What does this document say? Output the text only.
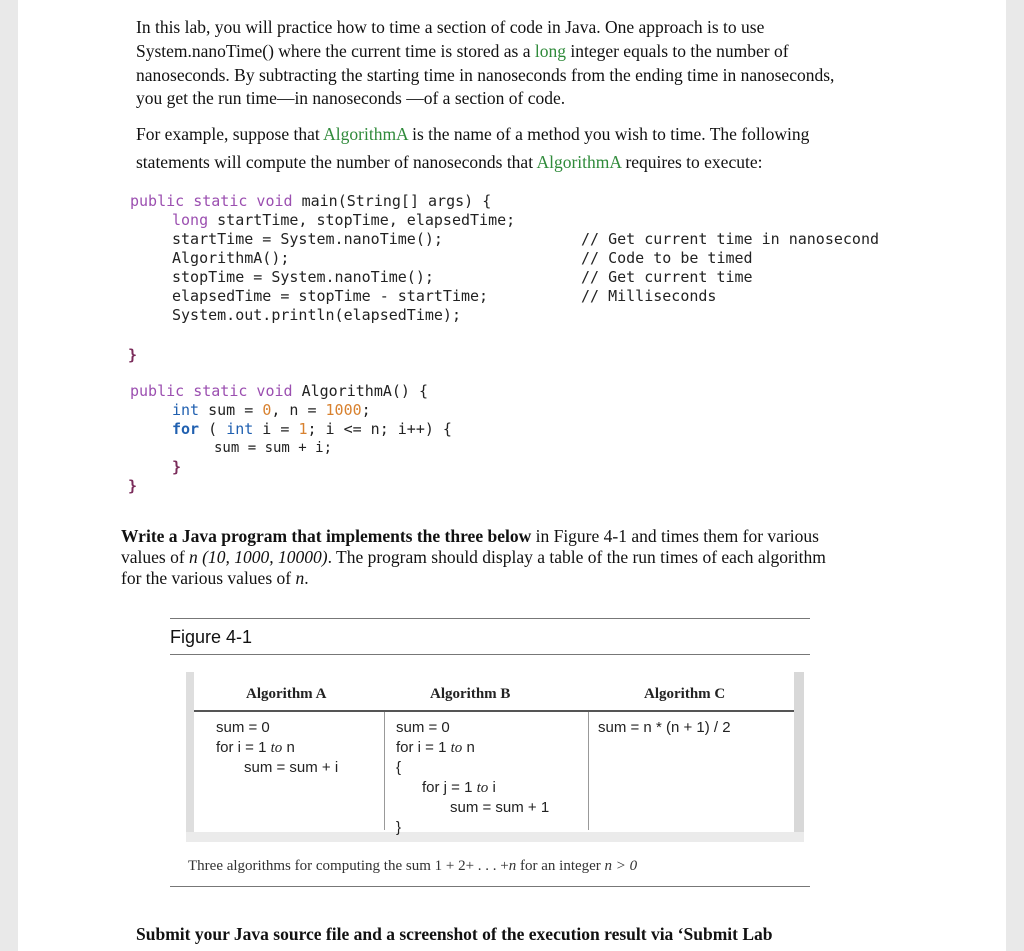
In this lab, you will practice how to time a section of code in Java. One approach is to use
System.nanoTime() where the current time is stored as a long integer equals to the number of
nanoseconds. By subtracting the starting time in nanoseconds from the ending time in nanoseconds,
you get the run time—in nanoseconds —of a section of code.
For example, suppose that AlgorithmA is the name of a method you wish to time. The following
statements will compute the number of nanoseconds that AlgorithmA requires to execute:
public static void main(String[] args) {
long startTime, stopTime, elapsedTime;
startTime = System.nanoTime();
AlgorithmA();
stopTime = System.nanoTime();
elapsedTime = stopTime - startTime;
System.out.println(elapsedTime);
// Get current time in nanosecond
// Code to be timed
// Get current time
// Milliseconds
}
public static void AlgorithmA() {
int sum = 0, n = 1000;
for ( int i = 1; i <= n; i++) {
sum = sum + i;
}
}
Write a Java program that implements the three below in Figure 4-1 and times them for various
values of n (10, 1000, 10000). The program should display a table of the run times of each algorithm
for the various values of n.
Figure 4-1
Algorithm A	Algorithm B	Algorithm C
sum = 0
for i = 1 to n
sum = sum + i
sum = 0
for i = 1 to n
{
for j = 1 to i
sum = sum + 1
}
sum = n * (n + 1) / 2
Three algorithms for computing the sum 1 + 2+ . . . +n for an integer n > 0
Submit your Java source file and a screenshot of the execution result via ‘Submit Lab
